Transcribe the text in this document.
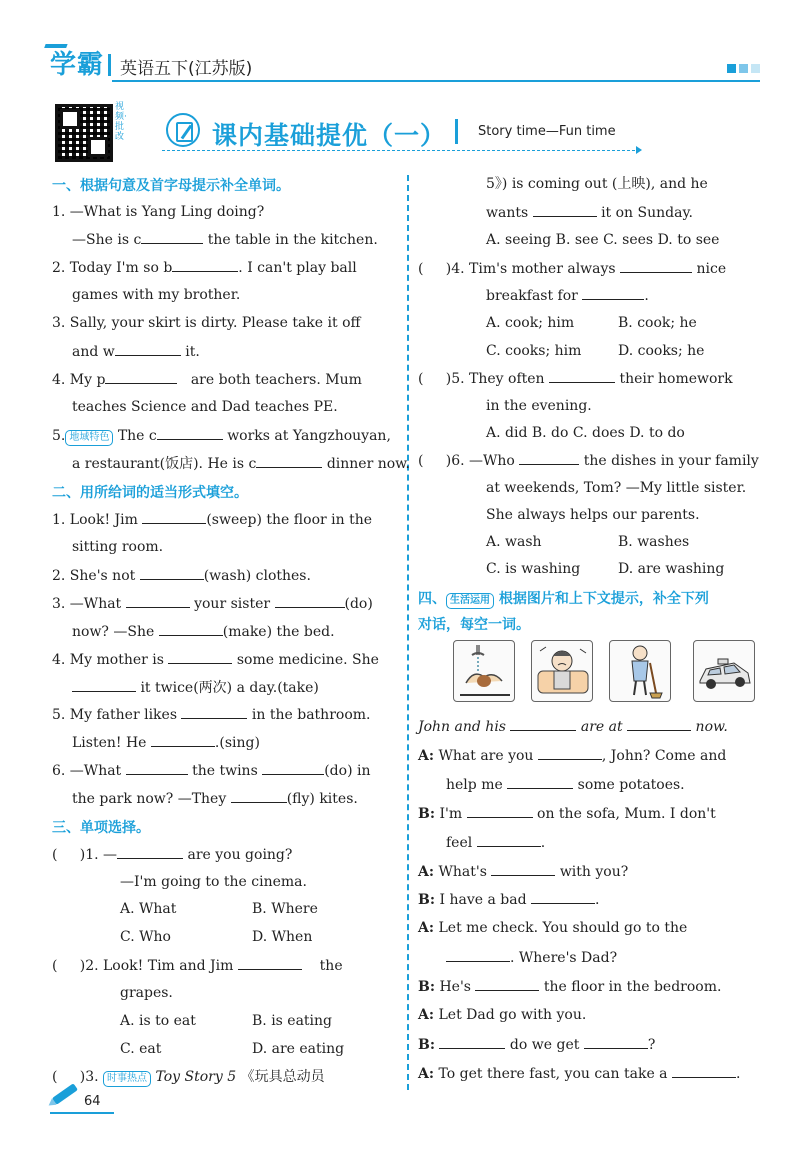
学霸 英语五下(江苏版)
视频·批改	课内基础提优（一） Story time—Fun time
一、根据句意及首字母提示补全单词。
1. —What is Yang Ling doing?
—She is c	the table in the kitchen.
2. Today I'm so b	. I can't play ball
games with my brother.
3. Sally, your skirt is dirty. Please take it off
and w	it.
4. My p	are both teachers. Mum
teaches Science and Dad teaches PE.
5. 地域特色 The c	works at Yangzhouyan,
a restaurant(饭店). He is c	dinner now.
二、用所给词的适当形式填空。
1. Look! Jim	(sweep) the floor in the
sitting room.
2. She's not	(wash) clothes.
3. —What	your sister	(do)
now? —She	(make) the bed.
4. My mother is	some medicine. She
it twice(两次) a day.(take)
5. My father likes	in the bathroom.
Listen! He	.(sing)
6. —What	the twins	(do) in
the park now? —They	(fly) kites.
三、单项选择。
( )1. —	are you going?
—I'm going to the cinema.
A. What	B. Where
C. Who	D. When
( )2. Look! Tim and Jim	the
grapes.
A. is to eat	B. is eating
C. eat	D. are eating
( )3. 时事热点 Toy Story 5 《玩具总动员
5》) is coming out (上映), and he
wants	it on Sunday.
A. seeing B. see C. sees D. to see
( )4. Tim's mother always	nice
breakfast for	.
A. cook; him	B. cook; he
C. cooks; him	D. cooks; he
( )5. They often	their homework
in the evening.
A. did B. do C. does D. to do
( )6. —Who	the dishes in your family
at weekends, Tom? —My little sister.
She always helps our parents.
A. wash	B. washes
C. is washing	D. are washing
四、 生活运用 根据图片和上下文提示，补全下列
对话，每空一词。
John and his	are at	now.
A: What are you	, John? Come and
help me	some potatoes.
B: I'm	on the sofa, Mum. I don't
feel	.
A: What's	with you?
B: I have a bad	.
A: Let me check. You should go to the
. Where's Dad?
B: He's	the floor in the bedroom.
A: Let Dad go with you.
B:	do we get	?
A: To get there fast, you can take a	.
64
